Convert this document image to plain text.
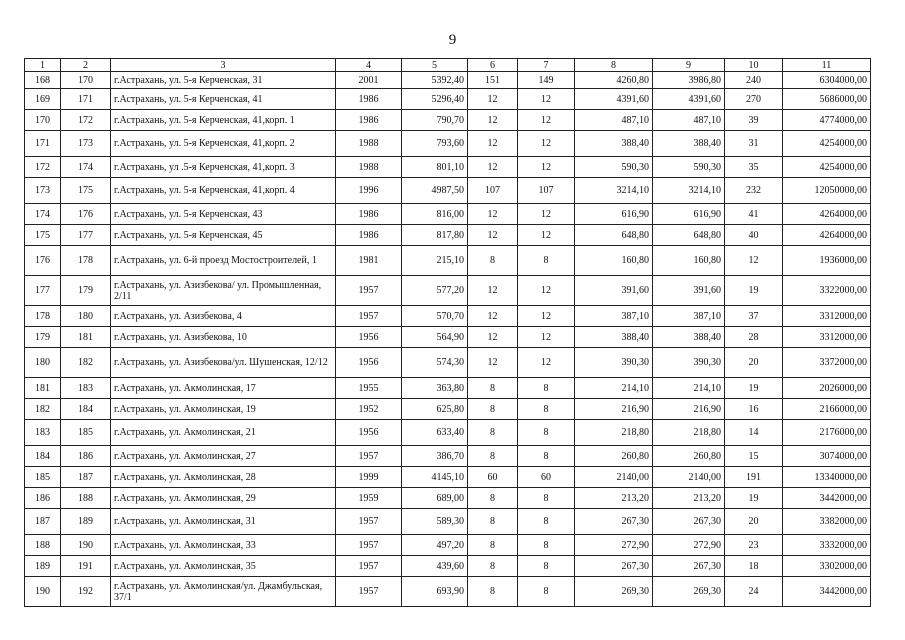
9
1	2	3	4	5	6	7	8	9	10	11
168	170	г.Астрахань, ул. 5-я Керченская, 31	2001	5392,40	151	149	4260,80	3986,80	240	6304000,00
169	171	г.Астрахань, ул. 5-я Керченская, 41	1986	5296,40	12	12	4391,60	4391,60	270	5686000,00
170	172	г.Астрахань, ул. 5-я Керченская, 41,корп. 1	1986	790,70	12	12	487,10	487,10	39	4774000,00
171	173	г.Астрахань, ул. 5-я Керченская, 41,корп. 2	1988	793,60	12	12	388,40	388,40	31	4254000,00
172	174	г.Астрахань, ул .5-я Керченская, 41,корп. 3	1988	801,10	12	12	590,30	590,30	35	4254000,00
173	175	г.Астрахань, ул. 5-я Керченская, 41,корп. 4	1996	4987,50	107	107	3214,10	3214,10	232	12050000,00
174	176	г.Астрахань, ул. 5-я Керченская, 43	1986	816,00	12	12	616,90	616,90	41	4264000,00
175	177	г.Астрахань, ул. 5-я Керченская, 45	1986	817,80	12	12	648,80	648,80	40	4264000,00
176	178	г.Астрахань, ул. 6-й проезд Мостостроителей, 1	1981	215,10	8	8	160,80	160,80	12	1936000,00
177	179	г.Астрахань, ул. Азизбекова/ ул. Промышленная, 2/11	1957	577,20	12	12	391,60	391,60	19	3322000,00
178	180	г.Астрахань, ул. Азизбекова, 4	1957	570,70	12	12	387,10	387,10	37	3312000,00
179	181	г.Астрахань, ул. Азизбекова, 10	1956	564,90	12	12	388,40	388,40	28	3312000,00
180	182	г.Астрахань, ул. Азизбекова/ул. Шушенская, 12/12	1956	574,30	12	12	390,30	390,30	20	3372000,00
181	183	г.Астрахань, ул. Акмолинская, 17	1955	363,80	8	8	214,10	214,10	19	2026000,00
182	184	г.Астрахань, ул. Акмолинская, 19	1952	625,80	8	8	216,90	216,90	16	2166000,00
183	185	г.Астрахань, ул. Акмолинская, 21	1956	633,40	8	8	218,80	218,80	14	2176000,00
184	186	г.Астрахань, ул. Акмолинская, 27	1957	386,70	8	8	260,80	260,80	15	3074000,00
185	187	г.Астрахань, ул. Акмолинская, 28	1999	4145,10	60	60	2140,00	2140,00	191	13340000,00
186	188	г.Астрахань, ул. Акмолинская, 29	1959	689,00	8	8	213,20	213,20	19	3442000,00
187	189	г.Астрахань, ул. Акмолинская, 31	1957	589,30	8	8	267,30	267,30	20	3382000,00
188	190	г.Астрахань, ул. Акмолинская, 33	1957	497,20	8	8	272,90	272,90	23	3332000,00
189	191	г.Астрахань, ул. Акмолинская, 35	1957	439,60	8	8	267,30	267,30	18	3302000,00
190	192	г.Астрахань, ул. Акмолинская/ул. Джамбульская, 37/1	1957	693,90	8	8	269,30	269,30	24	3442000,00
